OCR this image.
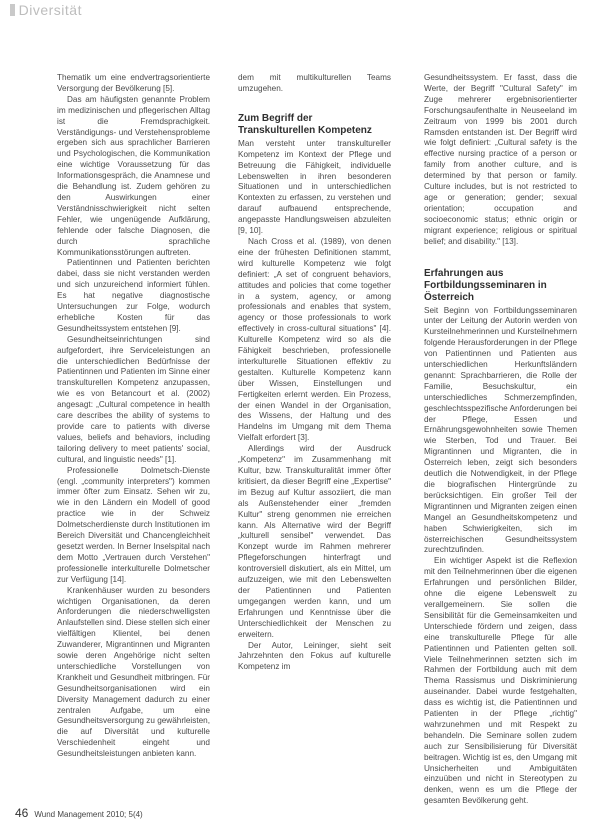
Diversität

Thematik um eine endvertragsorientierte Versorgung der Bevölkerung [5].

Das am häufigsten genannte Problem im medizinischen und pflegerischen Alltag ist die Fremdsprachigkeit. Verständigungs- und Verstehensprobleme ergeben sich aus sprachlicher Barrieren und Psychologischen, die Kommunikation eine wichtige Voraussetzung für das Informationsgespräch, die Anamnese und die Behandlung ist. Zudem gehören zu den Auswirkungen einer Verständnisschwierigkeit nicht selten Fehler, wie ungenügende Aufklärung, fehlende oder falsche Diagnosen, die durch sprachliche Kommunikationsstörungen auftreten.

Patientinnen und Patienten berichten dabei, dass sie nicht verstanden werden und sich unzureichend informiert fühlen. Es hat negative diagnostische Untersuchungen zur Folge, wodurch erhebliche Kosten für das Gesundheitssystem entstehen [9].

Gesundheitseinrichtungen sind aufgefordert, ihre Serviceleistungen an die unterschiedlichen Bedürfnisse der Patientinnen und Patienten im Sinne einer transkulturellen Kompetenz anzupassen, wie es von Betancourt et al. (2002) angesagt: „Cultural competence in health care describes the ability of systems to provide care to patients with diverse values, beliefs and behaviors, including tailoring delivery to meet patients' social, cultural, and linguistic needs" [1].

Professionelle Dolmetsch-Dienste (engl. „community interpreters") kommen immer öfter zum Einsatz. Sehen wir zu, wie in den Ländern ein Modell of good practice wie in der Schweiz Dolmetscherdienste durch Institutionen im Bereich Diversität und Chancengleichheit gesetzt werden. In Berner Inselspital nach dem Motto „Vertrauen durch Verstehen" professionelle interkulturelle Dolmetscher zur Verfügung [14].

Krankenhäuser wurden zu besonders wichtigen Organisationen, da deren Anforderungen die niederschwelligsten Anlaufstellen sind. Diese stellen sich einer vielfältigen Klientel, bei denen Zuwanderer, Migrantinnen und Migranten sowie deren Angehörige nicht selten unterschiedliche Vorstellungen von Krankheit und Gesundheit mitbringen. Für Gesundheitsorganisationen wird ein Diversity Management dadurch zu einer zentralen Aufgabe, um eine Gesundheitsversorgung zu gewährleisten, die auf Diversität und kulturelle Verschiedenheit eingeht und Gesundheitsleistungen anbieten kann.

dem mit multikulturellen Teams umzugehen.

Zum Begriff der Transkulturellen Kompetenz

Man versteht unter transkultureller Kompetenz im Kontext der Pflege und Betreuung die Fähigkeit, individuelle Lebenswelten in ihren besonderen Situationen und in unterschiedlichen Kontexten zu erfassen, zu verstehen und darauf aufbauend entsprechende, angepasste Handlungsweisen abzuleiten [9, 10].

Nach Cross et al. (1989), von denen eine der frühesten Definitionen stammt, wird kulturelle Kompetenz wie folgt definiert: „A set of congruent behaviors, attitudes and policies that come together in a system, agency, or among professionals and enables that system, agency or those professionals to work effectively in cross-cultural situations" [4]. Kulturelle Kompetenz wird so als die Fähigkeit beschrieben, professionelle interkulturelle Situationen effektiv zu gestalten. Kulturelle Kompetenz kann über Wissen, Einstellungen und Fertigkeiten erlernt werden. Ein Prozess, der einen Wandel in der Organisation, des Wissens, der Haltung und des Handelns im Umgang mit dem Thema Vielfalt erfordert [3].

Allerdings wird der Ausdruck „Kompetenz" im Zusammenhang mit Kultur, bzw. Transkulturalität immer öfter kritisiert, da dieser Begriff eine „Expertise" im Bezug auf Kultur assoziiert, die man als Außenstehender einer „fremden Kultur" streng genommen nie erreichen kann. Als Alternative wird der Begriff „kulturell sensibel" verwendet. Das Konzept wurde im Rahmen mehrerer Pflegeforschungen hinterfragt und kontroversiell diskutiert, als ein Mittel, um aufzuzeigen, wie mit den Lebenswelten der Patientinnen und Patienten umgegangen werden kann, und um Erfahrungen und Kenntnisse über die Unterschiedlichkeit der Menschen zu erweitern.

Der Autor, Leininger, sieht seit Jahrzehnten den Fokus auf kulturelle Kompetenz im

Gesundheitssystem. Er fasst, dass die Werte, der Begriff "Cultural Safety" im Zuge mehrerer ergebnisorientierter Forschungsaufenthalte in Neuseeland im Zeitraum von 1999 bis 2001 durch Ramsden entstanden ist. Der Begriff wird wie folgt definiert: „Cultural safety is the effective nursing practice of a person or family from another culture, and is determined by that person or family. Culture includes, but is not restricted to age or generation; gender; sexual orientation; occupation and socioeconomic status; ethnic origin or migrant experience; religious or spiritual belief; and disability." [13].

Erfahrungen aus Fortbildungsseminaren in Österreich

Seit Beginn von Fortbildungsseminaren unter der Leitung der Autorin werden von Kursteilnehmerinnen und Kursteilnehmern folgende Herausforderungen in der Pflege von Patientinnen und Patienten aus unterschiedlichen Herkunftsländern genannt: Sprachbarrieren, die Rolle der Familie, Besuchskultur, ein unterschiedliches Schmerzempfinden, geschlechtsspezifische Anforderungen bei der Pflege, Essen und Ernährungsgewohnheiten sowie Themen wie Sterben, Tod und Trauer. Bei Migrantinnen und Migranten, die in Österreich leben, zeigt sich besonders deutlich die Notwendigkeit, in der Pflege die biografischen Hintergründe zu berücksichtigen. Ein großer Teil der Migrantinnen und Migranten zeigen einen Mangel an Gesundheitskompetenz und haben Schwierigkeiten, sich im österreichischen Gesundheitssystem zurechtzufinden.

Ein wichtiger Aspekt ist die Reflexion mit den Teilnehmerinnen über die eigenen Erfahrungen und persönlichen Bilder, ohne die eigene Lebenswelt zu verallgemeinern. Sie sollen die Sensibilität für die Gemeinsamkeiten und Unterschiede fördern und zeigen, dass eine transkulturelle Pflege für alle Patientinnen und Patienten gelten soll. Viele Teilnehmerinnen setzten sich im Rahmen der Fortbildung auch mit dem Thema Rassismus und Diskriminierung auseinander. Dabei wurde festgehalten, dass es wichtig ist, die Patientinnen und Patienten in der Pflege „richtig" wahrzunehmen und mit Respekt zu behandeln. Die Seminare sollen zudem auch zur Sensibilisierung für Diversität beitragen. Wichtig ist es, den Umgang mit Unsicherheiten und Ambiguitäten einzuüben und nicht in Stereotypen zu denken, wenn es um die Pflege der gesamten Bevölkerung geht.

46 Wund Management 2010; 5(4)
